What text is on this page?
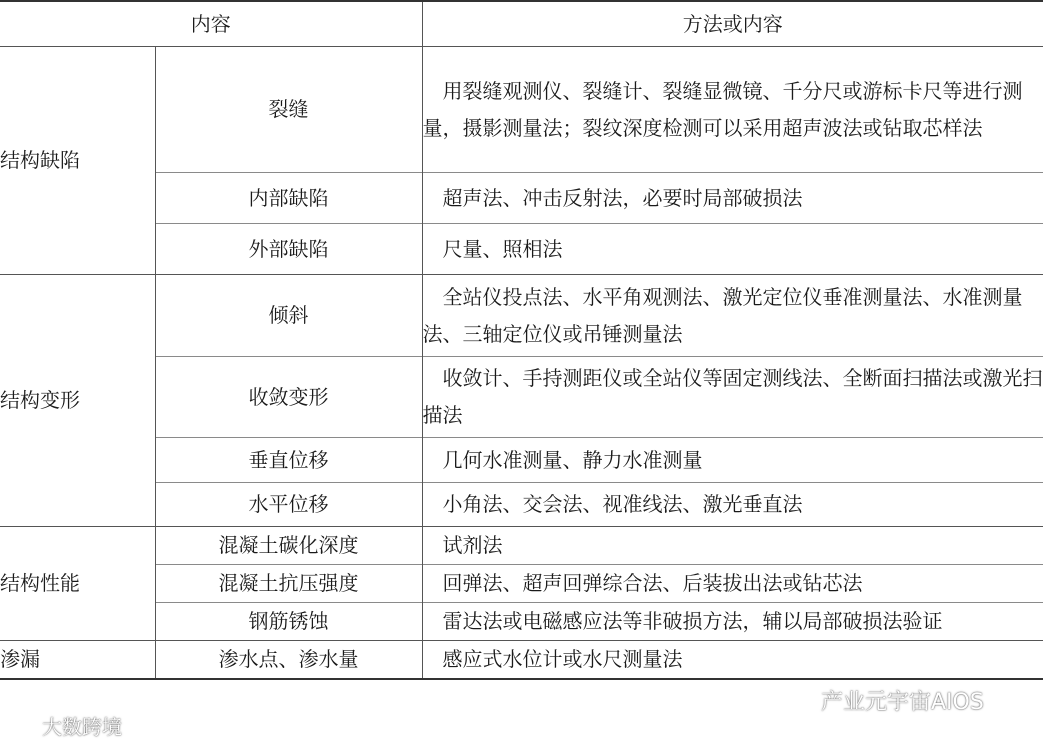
内容		方法或内容
结构缺陷	裂缝	用裂缝观测仪、裂缝计、裂缝显微镜、千分尺或游标卡尺等进行测量，摄影测量法；裂纹深度检测可以采用超声波法或钻取芯样法

	内部缺陷	超声法、冲击反射法，必要时局部破损法

	外部缺陷	尺量、照相法

结构变形	倾斜	全站仪投点法、水平角观测法、激光定位仪垂准测量法、水准测量法、三轴定位仪或吊锤测量法

	收敛变形	收敛计、手持测距仪或全站仪等固定测线法、全断面扫描法或激光扫描法

	垂直位移	几何水准测量、静力水准测量

	水平位移	小角法、交会法、视准线法、激光垂直法

结构性能	混凝土碳化深度	试剂法

	混凝土抗压强度	回弹法、超声回弹综合法、后装拔出法或钻芯法

	钢筋锈蚀	雷达法或电磁感应法等非破损方法，辅以局部破损法验证

渗漏	渗水点、渗水量	感应式水位计或水尺测量法
产业元宇宙AIOS
大数跨境
